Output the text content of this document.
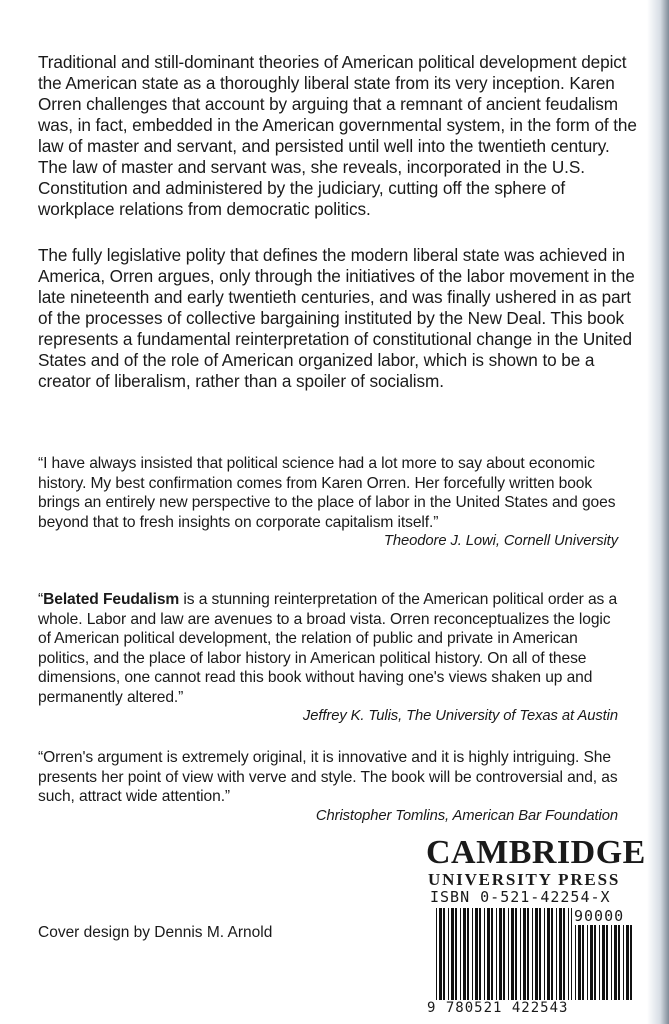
Traditional and still-dominant theories of American political development depict the American state as a thoroughly liberal state from its very inception. Karen Orren challenges that account by arguing that a remnant of ancient feudalism was, in fact, embedded in the American governmental system, in the form of the law of master and servant, and persisted until well into the twentieth century. The law of master and servant was, she reveals, incorporated in the U.S. Constitution and administered by the judiciary, cutting off the sphere of workplace relations from democratic politics.

The fully legislative polity that defines the modern liberal state was achieved in America, Orren argues, only through the initiatives of the labor movement in the late nineteenth and early twentieth centuries, and was finally ushered in as part of the processes of collective bargaining instituted by the New Deal. This book represents a fundamental reinterpretation of constitutional change in the United States and of the role of American organized labor, which is shown to be a creator of liberalism, rather than a spoiler of socialism.

“I have always insisted that political science had a lot more to say about economic history. My best confirmation comes from Karen Orren. Her forcefully written book brings an entirely new perspective to the place of labor in the United States and goes beyond that to fresh insights on corporate capitalism itself.”

Theodore J. Lowi, Cornell University

“Belated Feudalism is a stunning reinterpretation of the American political order as a whole. Labor and law are avenues to a broad vista. Orren reconceptualizes the logic of American political development, the relation of public and private in American politics, and the place of labor history in American political history. On all of these dimensions, one cannot read this book without having one's views shaken up and permanently altered.”

Jeffrey K. Tulis, The University of Texas at Austin

“Orren's argument is extremely original, it is innovative and it is highly intriguing. She presents her point of view with verve and style. The book will be controversial and, as such, attract wide attention.”

Christopher Tomlins, American Bar Foundation
CAMBRIDGE
UNIVERSITY PRESS
ISBN 0-521-42254-X
90000
9 780521 422543
Cover design by Dennis M. Arnold
